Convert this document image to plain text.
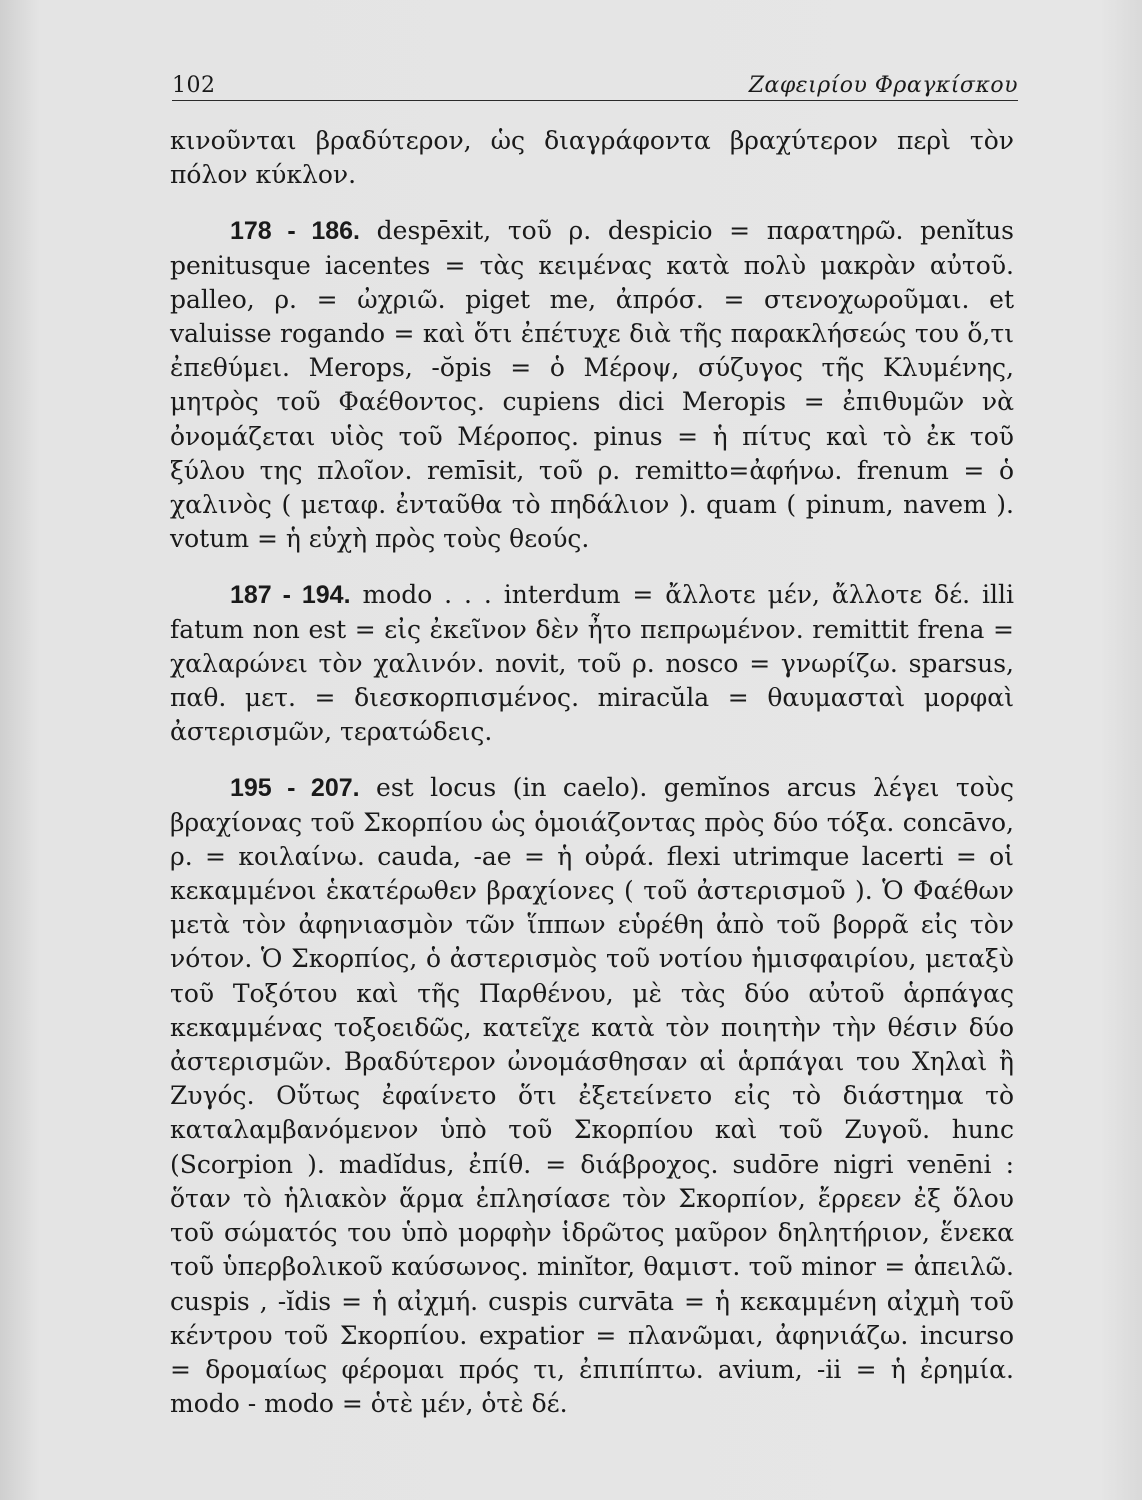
102	Ζαφειρίου Φραγκίσκου

κινοῦνται βραδύτερον, ὡς διαγράφοντα βραχύτερον περὶ τὸν πόλον κύκλον.

178 - 186. despēxit, τοῦ ρ. despicio = παρατηρῶ. penĭtus penitusque iacentes = τὰς κειμένας κατὰ πολὺ μακρὰν αὐτοῦ. palleo, ρ. = ὠχριῶ. piget me, ἀπρόσ. = στενοχωροῦμαι. et valuisse rogando = καὶ ὅτι ἐπέτυχε διὰ τῆς παρακλήσεώς του ὅ,τι ἐπεθύμει. Merops, -ŏpis = ὁ Μέροψ, σύζυγος τῆς Κλυμένης, μητρὸς τοῦ Φαέθοντος. cupiens dici Meropis = ἐπιθυμῶν νὰ ὀνομάζεται υἱὸς τοῦ Μέροπος. pinus = ἡ πίτυς καὶ τὸ ἐκ τοῦ ξύλου της πλοῖον. remīsit, τοῦ ρ. remitto=ἀφήνω. frenum = ὁ χαλινὸς ( μεταφ. ἐνταῦθα τὸ πηδάλιον ). quam ( pinum, navem ). votum = ἡ εὐχὴ πρὸς τοὺς θεούς.

187 - 194. modo . . . interdum = ἄλλοτε μέν, ἄλλοτε δέ. illi fatum non est = εἰς ἐκεῖνον δὲν ἦτο πεπρωμένον. remittit frena = χαλαρώνει τὸν χαλινόν. novit, τοῦ ρ. nosco = γνωρίζω. sparsus, παθ. μετ. = διεσκορπισμένος. miracŭla = θαυμασταὶ μορφαὶ ἀστερισμῶν, τερατώδεις.

195 - 207. est locus (in caelo). gemĭnos arcus λέγει τοὺς βραχίονας τοῦ Σκορπίου ὡς ὁμοιάζοντας πρὸς δύο τόξα. concāvo, ρ. = κοιλαίνω. cauda, -ae = ἡ οὐρά. flexi utrimque lacerti = οἱ κεκαμμένοι ἑκατέρωθεν βραχίονες ( τοῦ ἀστερισμοῦ ). Ὁ Φαέθων μετὰ τὸν ἀφηνιασμὸν τῶν ἵππων εὑρέθη ἀπὸ τοῦ βορρᾶ εἰς τὸν νότον. Ὁ Σκορπίος, ὁ ἀστερισμὸς τοῦ νοτίου ἡμισφαιρίου, μεταξὺ τοῦ Τοξότου καὶ τῆς Παρθένου, μὲ τὰς δύο αὐτοῦ ἁρπάγας κεκαμμένας τοξοειδῶς, κατεῖχε κατὰ τὸν ποιητὴν τὴν θέσιν δύο ἀστερισμῶν. Βραδύτερον ὠνομάσθησαν αἱ ἁρπάγαι του Χηλαὶ ἢ Ζυγός. Οὕτως ἐφαίνετο ὅτι ἐξετείνετο εἰς τὸ διάστημα τὸ καταλαμβανόμενον ὑπὸ τοῦ Σκορπίου καὶ τοῦ Ζυγοῦ. hunc (Scorpion ). madĭdus, ἐπίθ. = διάβροχος. sudōre nigri venēni : ὅταν τὸ ἡλιακὸν ἅρμα ἐπλησίασε τὸν Σκορπίον, ἔρρεεν ἐξ ὅλου τοῦ σώματός του ὑπὸ μορφὴν ἱδρῶτος μαῦρον δηλητήριον, ἕνεκα τοῦ ὑπερβολικοῦ καύσωνος. minĭtor, θαμιστ. τοῦ minor = ἀπειλῶ. cuspis , -ĭdis = ἡ αἰχμή. cuspis curvāta = ἡ κεκαμμένη αἰχμὴ τοῦ κέντρου τοῦ Σκορπίου. expatior = πλανῶμαι, ἀφηνιάζω. incurso = δρομαίως φέρομαι πρός τι, ἐπιπίπτω. avium, -ii = ἡ ἐρημία. modo - modo = ὁτὲ μέν, ὁτὲ δέ.
